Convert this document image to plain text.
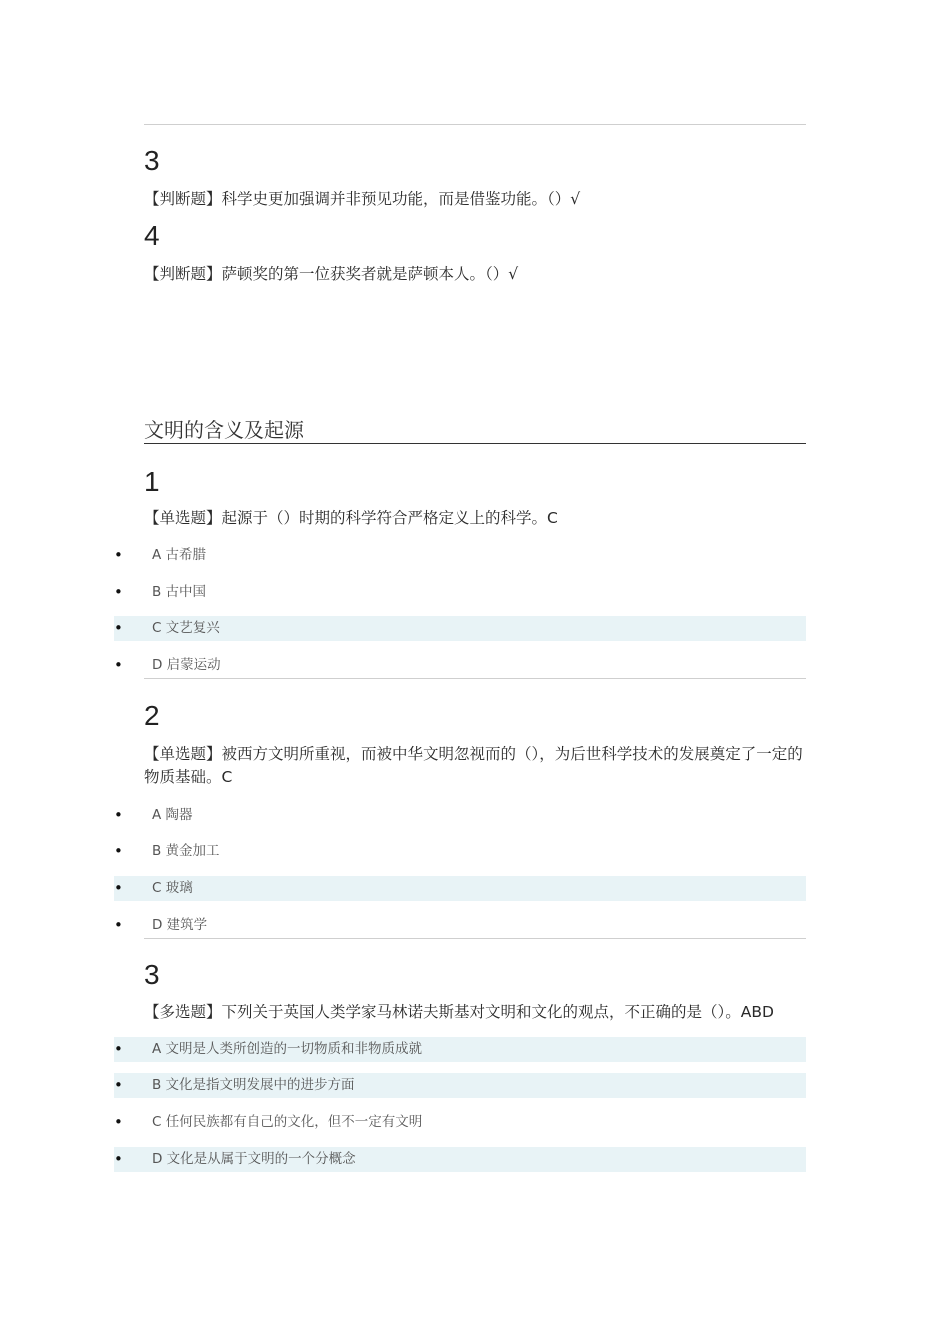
3
【判断题】科学史更加强调并非预见功能，而是借鉴功能。（）√
4
【判断题】萨顿奖的第一位获奖者就是萨顿本人。（）√
文明的含义及起源
1
【单选题】起源于（）时期的科学符合严格定义上的科学。C
• A 古希腊
• B 古中国
• C 文艺复兴
• D 启蒙运动
2
【单选题】被西方文明所重视，而被中华文明忽视而的（），为后世科学技术的发展奠定了一定的物质基础。C
• A 陶器
• B 黄金加工
• C 玻璃
• D 建筑学
3
【多选题】下列关于英国人类学家马林诺夫斯基对文明和文化的观点，不正确的是（）。ABD
• A 文明是人类所创造的一切物质和非物质成就
• B 文化是指文明发展中的进步方面
• C 任何民族都有自己的文化，但不一定有文明
• D 文化是从属于文明的一个分概念
